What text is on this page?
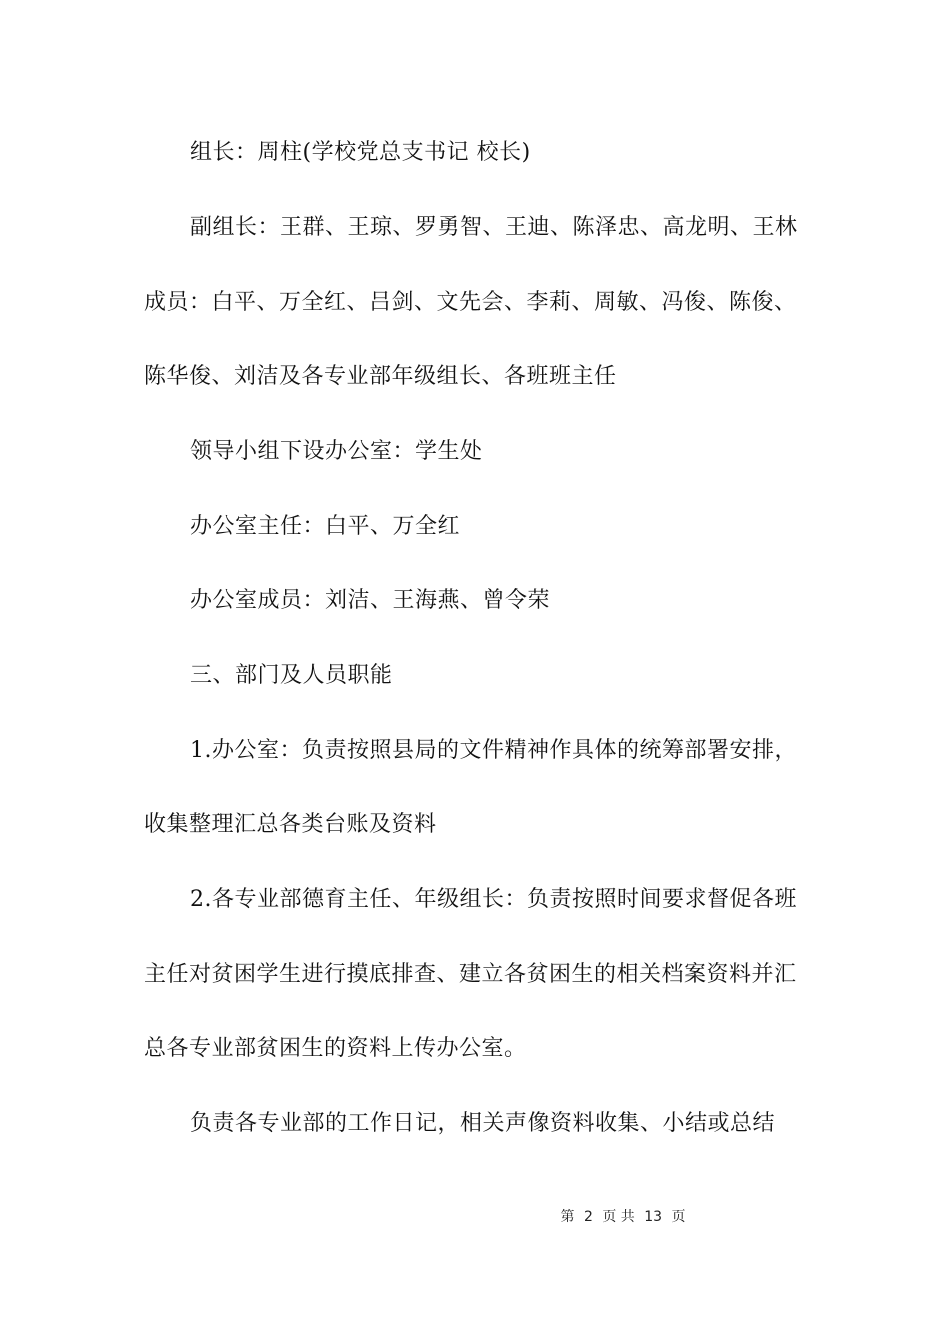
组长：周柱(学校党总支书记 校长)
副组长：王群、王琼、罗勇智、王迪、陈泽忠、高龙明、王林
成员：白平、万全红、吕剑、文先会、李莉、周敏、冯俊、陈俊、
陈华俊、刘洁及各专业部年级组长、各班班主任
领导小组下设办公室：学生处
办公室主任：白平、万全红
办公室成员：刘洁、王海燕、曾令荣
三、部门及人员职能
1.办公室：负责按照县局的文件精神作具体的统筹部署安排，
收集整理汇总各类台账及资料
2.各专业部德育主任、年级组长：负责按照时间要求督促各班
主任对贫困学生进行摸底排查、建立各贫困生的相关档案资料并汇
总各专业部贫困生的资料上传办公室。
负责各专业部的工作日记，相关声像资料收集、小结或总结
第 2 页 共 13 页
